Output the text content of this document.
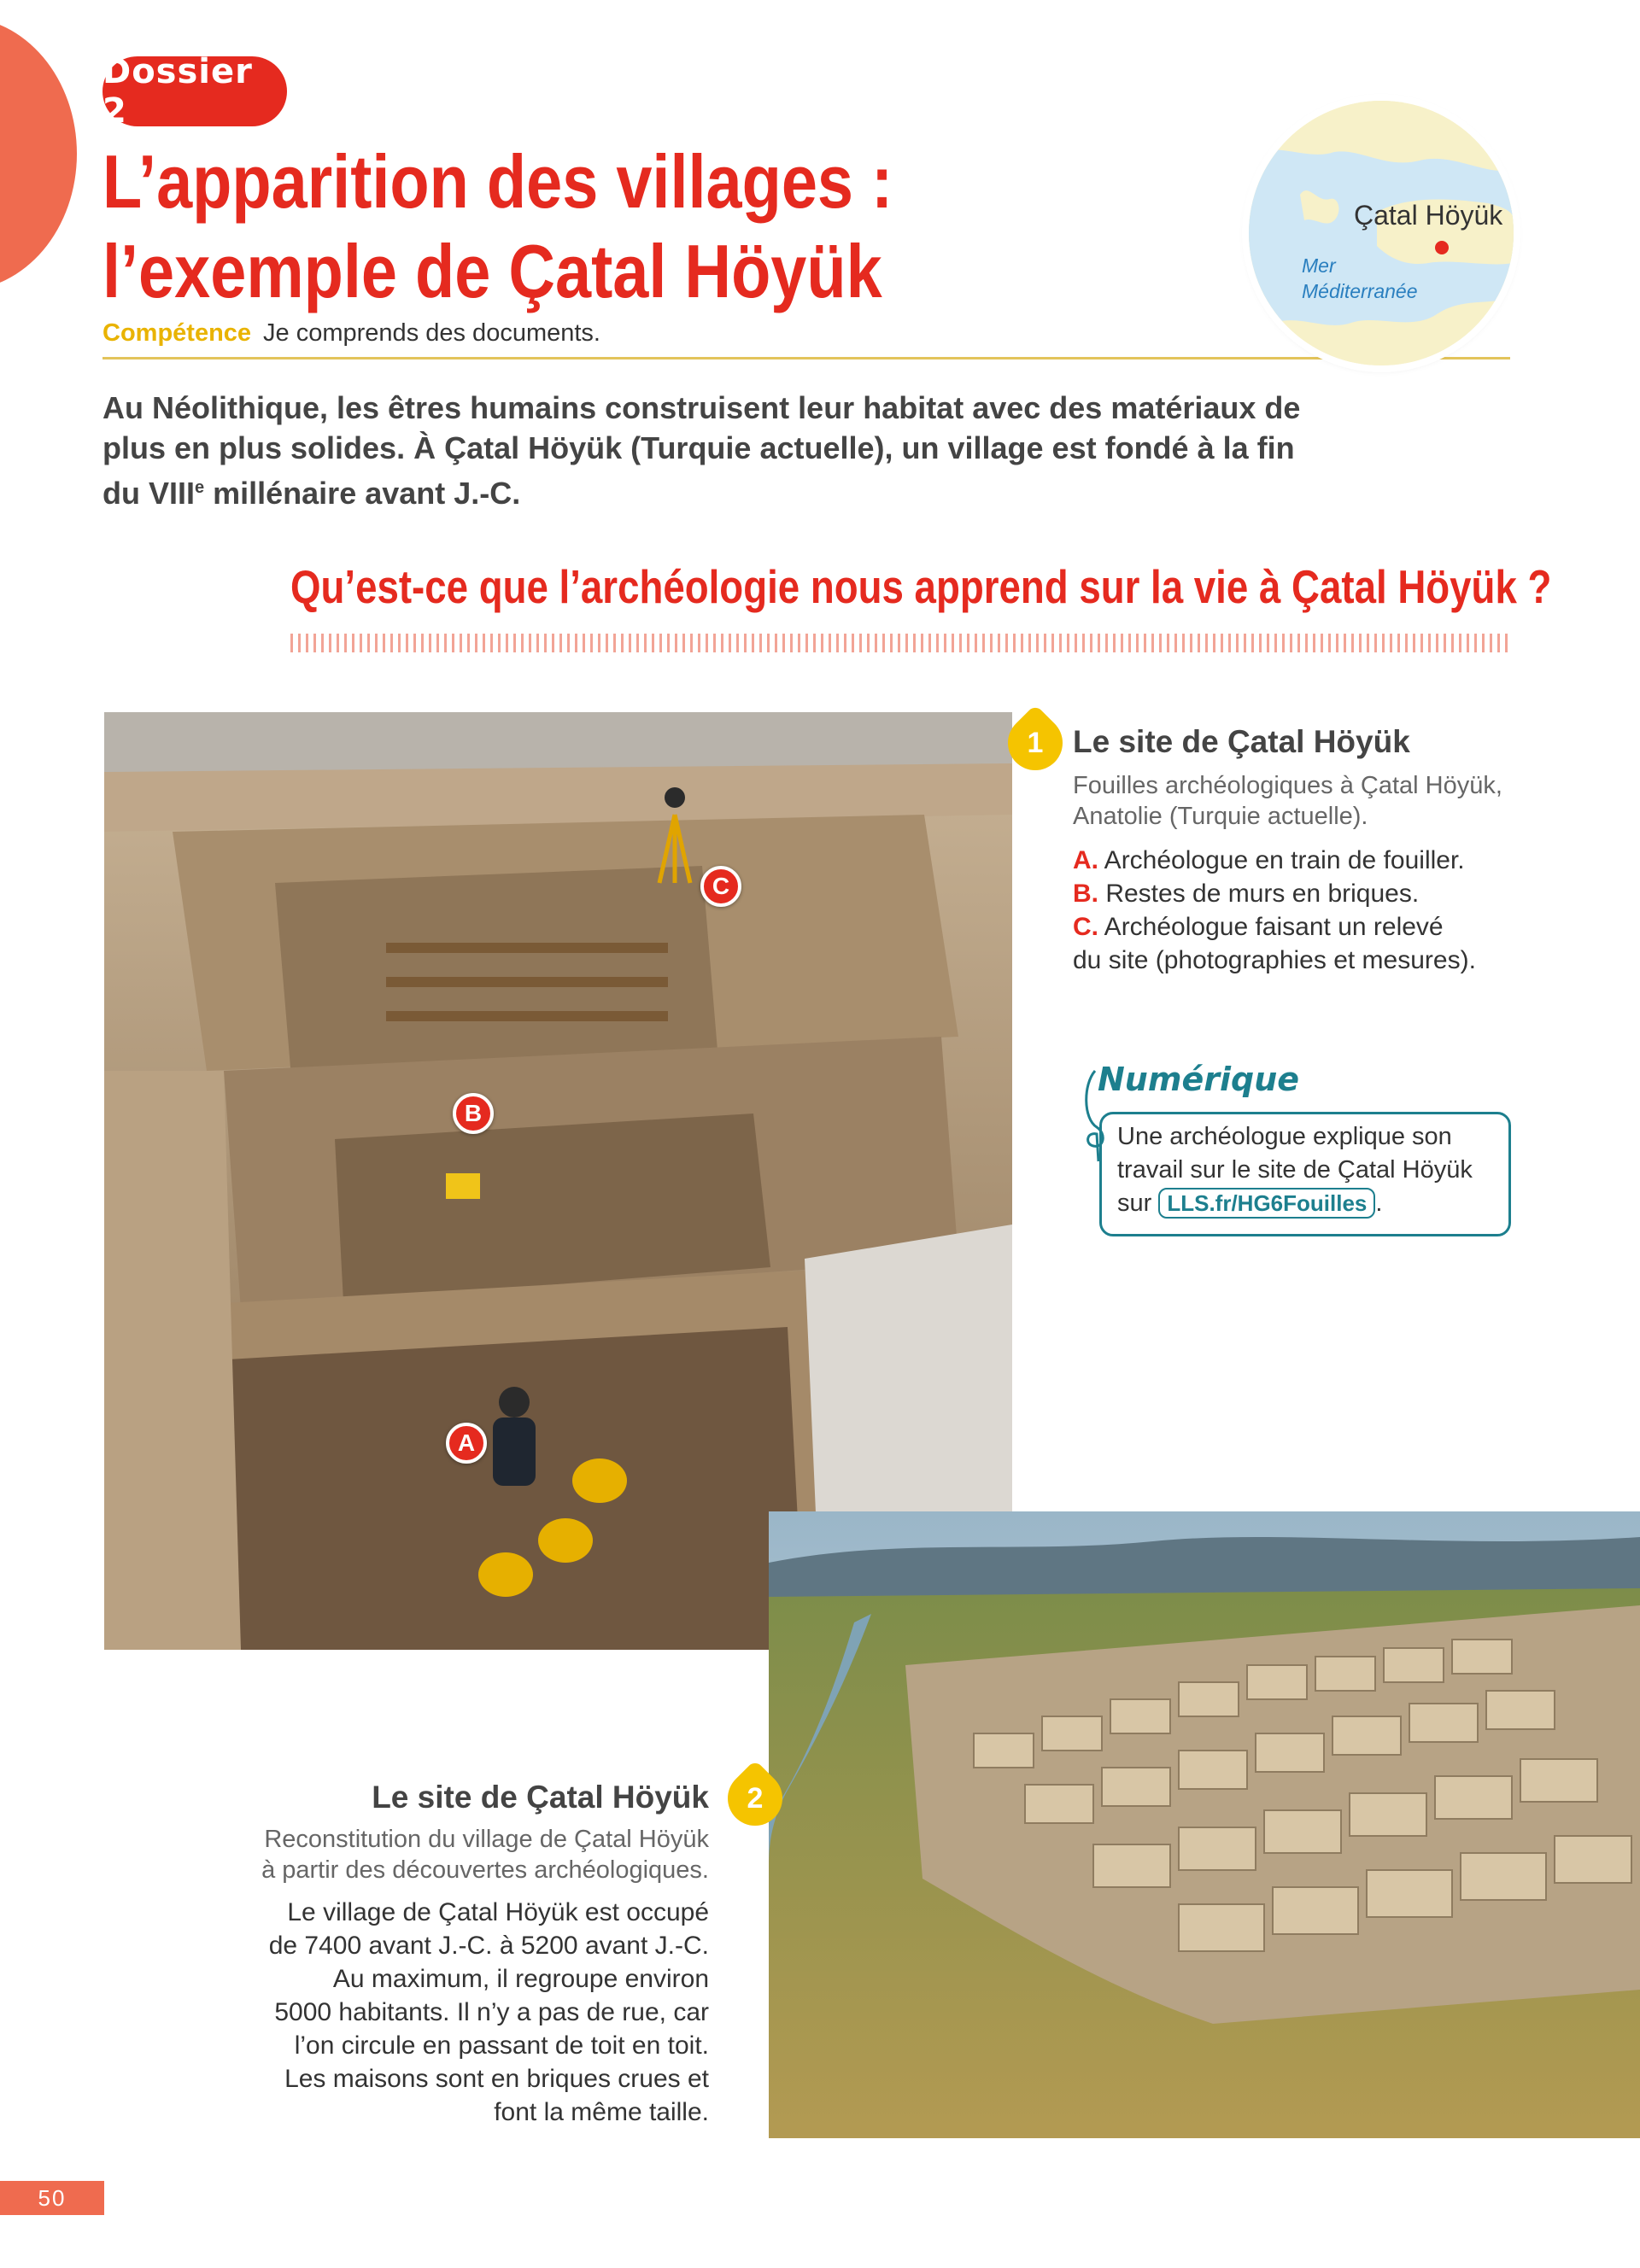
Dossier 2
L’apparition des villages :
l’exemple de Çatal Höyük
Compétence Je comprends des documents.
Çatal Höyük
Mer
Méditerranée
Au Néolithique, les êtres humains construisent leur habitat avec des matériaux de
plus en plus solides. À Çatal Höyük (Turquie actuelle), un village est fondé à la fin
du VIIIe millénaire avant J.-C.
Qu’est-ce que l’archéologie nous apprend sur la vie à Çatal Höyük ?
C
B
A
1 Le site de Çatal Höyük
Fouilles archéologiques à Çatal Höyük,
Anatolie (Turquie actuelle).
A. Archéologue en train de fouiller.
B. Restes de murs en briques.
C. Archéologue faisant un relevé
du site (photographies et mesures).
Numérique
Une archéologue explique son
travail sur le site de Çatal Höyük
sur LLS.fr/HG6Fouilles .
2
Le site de Çatal Höyük
Reconstitution du village de Çatal Höyük
à partir des découvertes archéologiques.
Le village de Çatal Höyük est occupé
de 7400 avant J.-C. à 5200 avant J.-C.
Au maximum, il regroupe environ
5000 habitants. Il n’y a pas de rue, car
l’on circule en passant de toit en toit.
Les maisons sont en briques crues et
font la même taille.
50
